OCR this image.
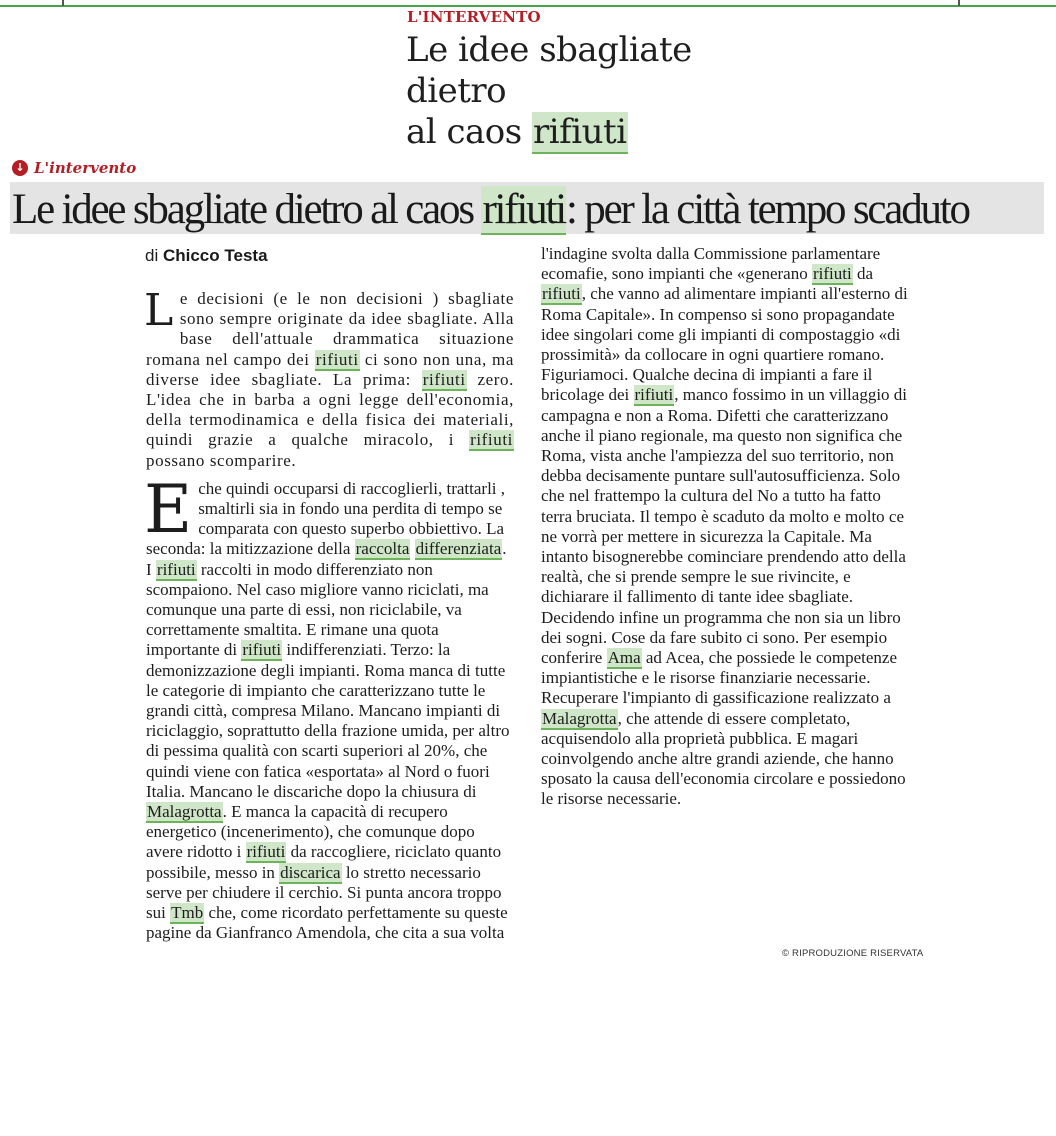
L'INTERVENTO
Le idee sbagliate
dietro
al caos rifiuti
↓ L'intervento
Le idee sbagliate dietro al caos rifiuti: per la città tempo scaduto
di Chicco Testa
Le decisioni (e le non decisioni ) sbagliate sono sempre originate da idee sbagliate. Alla base dell'attuale drammatica situazione romana nel campo dei rifiuti ci sono non una, ma diverse idee sbagliate. La prima: rifiuti zero. L'idea che in barba a ogni legge dell'economia, della termodinamica e della fisica dei materiali, quindi grazie a qualche miracolo, i rifiuti possano scomparire.
Eche quindi occuparsi di raccoglierli, trattarli , smaltirli sia in fondo una perdita di tempo se comparata con questo superbo obbiettivo. La seconda: la mitizzazione della raccolta differenziata. I rifiuti raccolti in modo differenziato non scompaiono. Nel caso migliore vanno riciclati, ma comunque una parte di essi, non riciclabile, va correttamente smaltita. E rimane una quota importante di rifiuti indifferenziati. Terzo: la demonizzazione degli impianti. Roma manca di tutte le categorie di impianto che caratterizzano tutte le grandi città, compresa Milano. Mancano impianti di riciclaggio, soprattutto della frazione umida, per altro di pessima qualità con scarti superiori al 20%, che quindi viene con fatica «esportata» al Nord o fuori Italia. Mancano le discariche dopo la chiusura di Malagrotta. E manca la capacità di recupero energetico (incenerimento), che comunque dopo avere ridotto i rifiuti da raccogliere, riciclato quanto possibile, messo in discarica lo stretto necessario serve per chiudere il cerchio. Si punta ancora troppo sui Tmb che, come ricordato perfettamente su queste pagine da Gianfranco Amendola, che cita a sua volta
l'indagine svolta dalla Commissione parlamentare ecomafie, sono impianti che «generano rifiuti da rifiuti, che vanno ad alimentare impianti all'esterno di Roma Capitale». In compenso si sono propagandate idee singolari come gli impianti di compostaggio «di prossimità» da collocare in ogni quartiere romano. Figuriamoci. Qualche decina di impianti a fare il bricolage dei rifiuti, manco fossimo in un villaggio di campagna e non a Roma. Difetti che caratterizzano anche il piano regionale, ma questo non significa che Roma, vista anche l'ampiezza del suo territorio, non debba decisamente puntare sull'autosufficienza. Solo che nel frattempo la cultura del No a tutto ha fatto terra bruciata. Il tempo è scaduto da molto e molto ce ne vorrà per mettere in sicurezza la Capitale. Ma intanto bisognerebbe cominciare prendendo atto della realtà, che si prende sempre le sue rivincite, e dichiarare il fallimento di tante idee sbagliate. Decidendo infine un programma che non sia un libro dei sogni. Cose da fare subito ci sono. Per esempio conferire Ama ad Acea, che possiede le competenze impiantistiche e le risorse finanziarie necessarie. Recuperare l'impianto di gassificazione realizzato a Malagrotta, che attende di essere completato, acquisendolo alla proprietà pubblica. E magari coinvolgendo anche altre grandi aziende, che hanno sposato la causa dell'economia circolare e possiedono le risorse necessarie.
© RIPRODUZIONE RISERVATA
